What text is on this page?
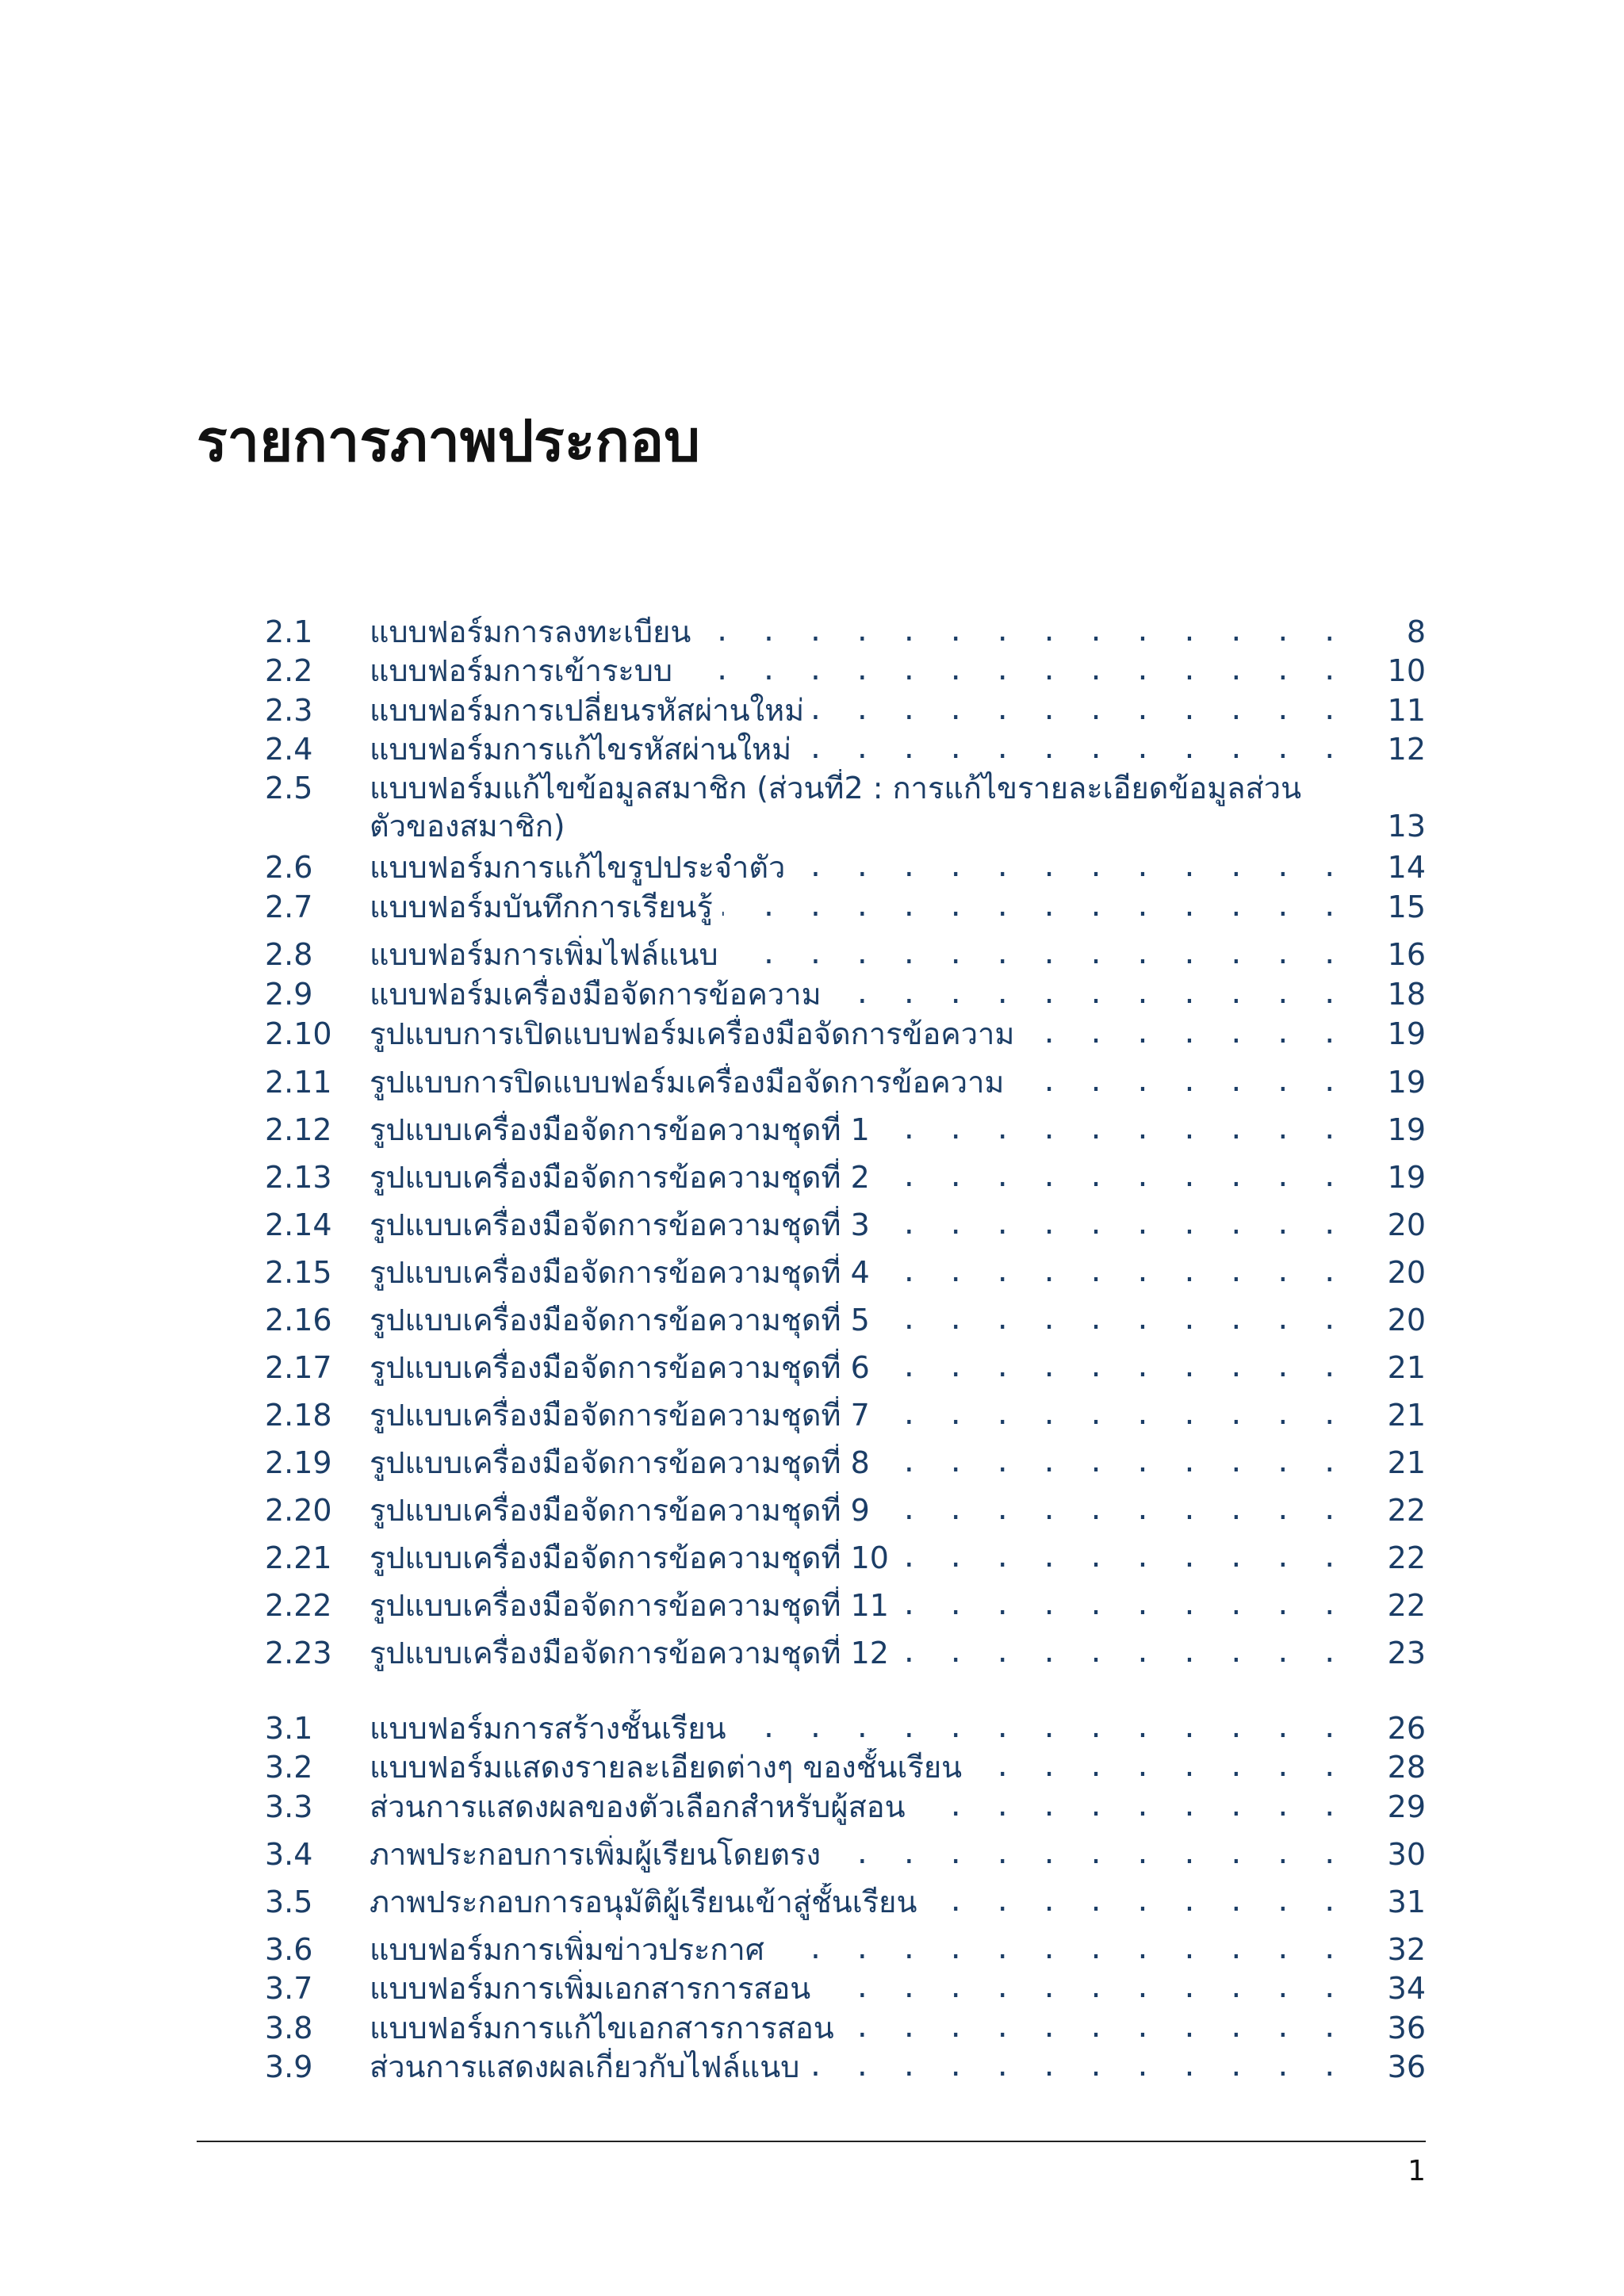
รายการภาพประกอบ
2.1 แบบฟอร์มการลงทะเบียน . . .	8
2.2 แบบฟอร์มการเข้าระบบ . . .	10
2.3 แบบฟอร์มการเปลี่ยนรหัสผ่านใหม่ . . .	11
2.4 แบบฟอร์มการแก้ไขรหัสผ่านใหม่ . . .	12
2.5 แบบฟอร์มแก้ไขข้อมูลสมาชิก (ส่วนที่2 : การแก้ไขรายละเอียดข้อมูลส่วน
ตัวของสมาชิก)
. . .	13
2.6 แบบฟอร์มการแก้ไขรูปประจำตัว . . .	14
2.7 แบบฟอร์มบันทึกการเรียนรู้ . . .	15
2.8 แบบฟอร์มการเพิ่มไฟล์แนบ . . .	16
2.9 แบบฟอร์มเครื่องมือจัดการข้อความ . . .	18
2.10 รูปแบบการเปิดแบบฟอร์มเครื่องมือจัดการข้อความ . . .	19
2.11 รูปแบบการปิดแบบฟอร์มเครื่องมือจัดการข้อความ . . .	19
2.12 รูปแบบเครื่องมือจัดการข้อความชุดที่ 1 . . .	19
2.13 รูปแบบเครื่องมือจัดการข้อความชุดที่ 2 . . .	19
2.14 รูปแบบเครื่องมือจัดการข้อความชุดที่ 3 . . .	20
2.15 รูปแบบเครื่องมือจัดการข้อความชุดที่ 4 . . .	20
2.16 รูปแบบเครื่องมือจัดการข้อความชุดที่ 5 . . .	20
2.17 รูปแบบเครื่องมือจัดการข้อความชุดที่ 6 . . .	21
2.18 รูปแบบเครื่องมือจัดการข้อความชุดที่ 7 . . .	21
2.19 รูปแบบเครื่องมือจัดการข้อความชุดที่ 8 . . .	21
2.20 รูปแบบเครื่องมือจัดการข้อความชุดที่ 9 . . .	22
2.21 รูปแบบเครื่องมือจัดการข้อความชุดที่ 10 . . .	22
2.22 รูปแบบเครื่องมือจัดการข้อความชุดที่ 11 . . .	22
2.23 รูปแบบเครื่องมือจัดการข้อความชุดที่ 12 . . .	23
3.1 แบบฟอร์มการสร้างชั้นเรียน . . .	26
3.2 แบบฟอร์มแสดงรายละเอียดต่างๆ ของชั้นเรียน . . .	28
3.3 ส่วนการแสดงผลของตัวเลือกสำหรับผู้สอน . . .	29
3.4 ภาพประกอบการเพิ่มผู้เรียนโดยตรง . . .	30
3.5 ภาพประกอบการอนุมัติผู้เรียนเข้าสู่ชั้นเรียน . . .	31
3.6 แบบฟอร์มการเพิ่มข่าวประกาศ . . .	32
3.7 แบบฟอร์มการเพิ่มเอกสารการสอน . . .	34
3.8 แบบฟอร์มการแก้ไขเอกสารการสอน . . .	36
3.9 ส่วนการแสดงผลเกี่ยวกับไฟล์แนบ . . .	36
1
